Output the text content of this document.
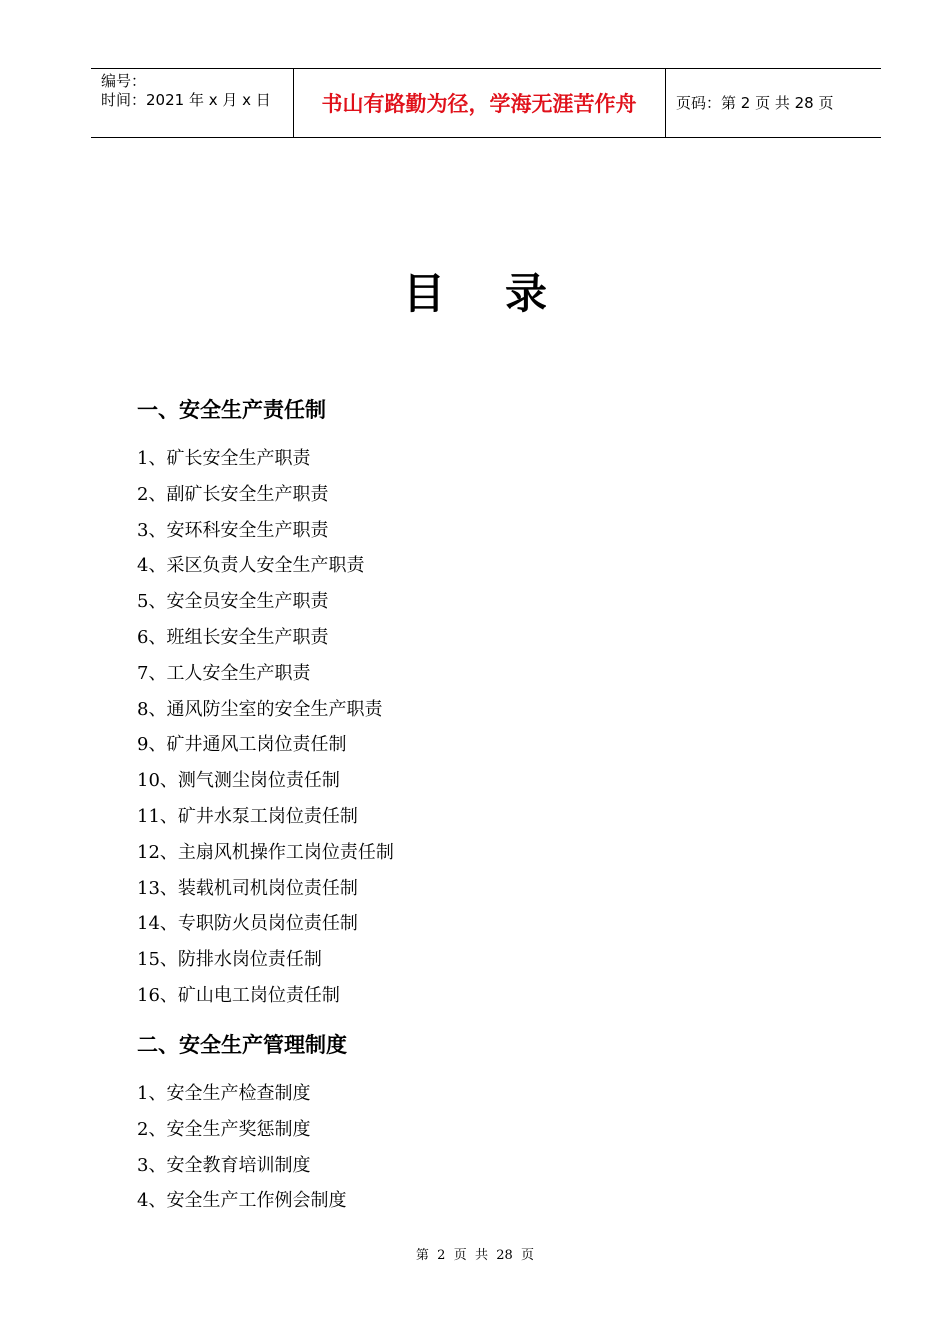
编号：
时间：2021 年 x 月 x 日	书山有路勤为径，学海无涯苦作舟	页码：第 2 页 共 28 页
目录
一、安全生产责任制
1、矿长安全生产职责
2、副矿长安全生产职责
3、安环科安全生产职责
4、采区负责人安全生产职责
5、安全员安全生产职责
6、班组长安全生产职责
7、工人安全生产职责
8、通风防尘室的安全生产职责
9、矿井通风工岗位责任制
10、测气测尘岗位责任制
11、矿井水泵工岗位责任制
12、主扇风机操作工岗位责任制
13、装载机司机岗位责任制
14、专职防火员岗位责任制
15、防排水岗位责任制
16、矿山电工岗位责任制
二、安全生产管理制度
1、安全生产检查制度
2、安全生产奖惩制度
3、安全教育培训制度
4、安全生产工作例会制度
第  2  页  共  28  页
